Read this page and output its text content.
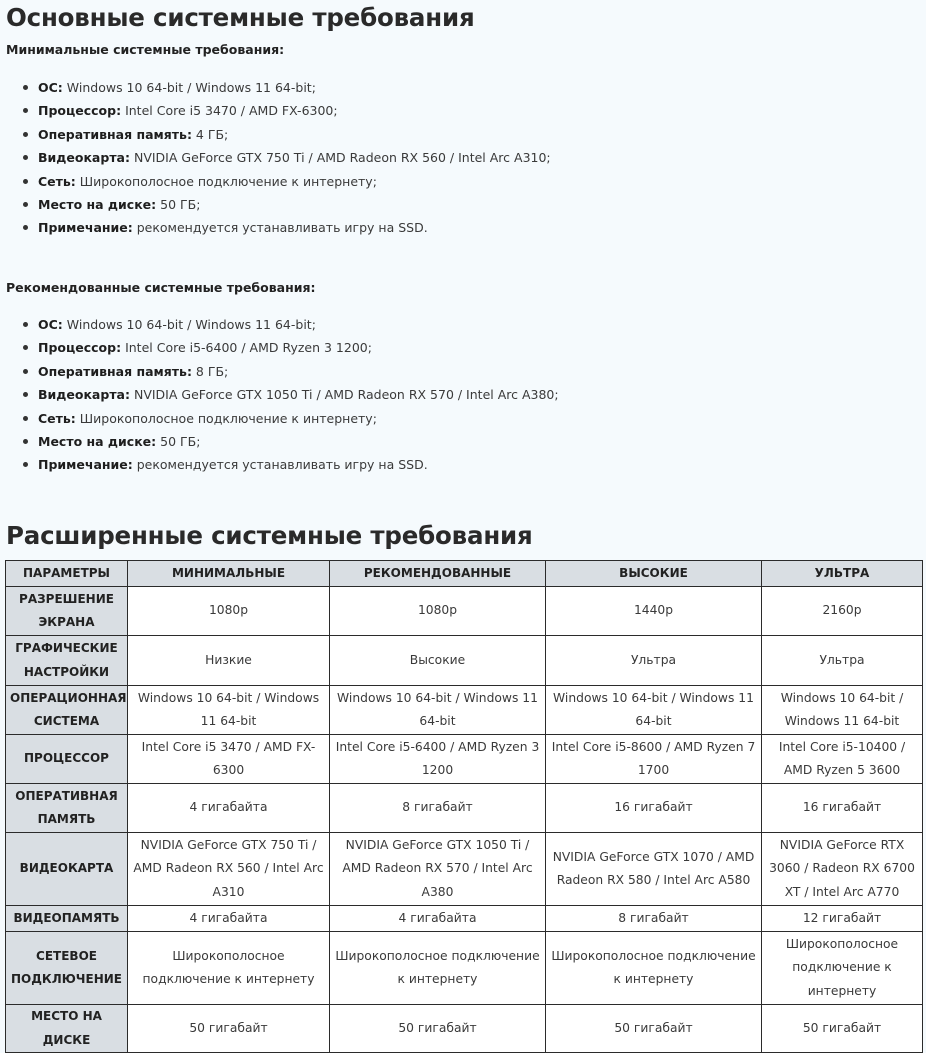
Основные системные требования

Минимальные системные требования:

ОС: Windows 10 64-bit / Windows 11 64-bit;
Процессор: Intel Core i5 3470 / AMD FX-6300;
Оперативная память: 4 ГБ;
Видеокарта: NVIDIA GeForce GTX 750 Ti / AMD Radeon RX 560 / Intel Arc A310;
Сеть: Широкополосное подключение к интернету;
Место на диске: 50 ГБ;
Примечание: рекомендуется устанавливать игру на SSD.

Рекомендованные системные требования:

ОС: Windows 10 64-bit / Windows 11 64-bit;
Процессор: Intel Core i5-6400 / AMD Ryzen 3 1200;
Оперативная память: 8 ГБ;
Видеокарта: NVIDIA GeForce GTX 1050 Ti / AMD Radeon RX 570 / Intel Arc A380;
Сеть: Широкополосное подключение к интернету;
Место на диске: 50 ГБ;
Примечание: рекомендуется устанавливать игру на SSD.
Расширенные системные требования
ПАРАМЕТРЫ	МИНИМАЛЬНЫЕ	РЕКОМЕНДОВАННЫЕ	ВЫСОКИЕ	УЛЬТРА
РАЗРЕШЕНИЕ ЭКРАНА	1080p	1080p	1440p	2160p
ГРАФИЧЕСКИЕ НАСТРОЙКИ	Низкие	Высокие	Ультра	Ультра
ОПЕРАЦИОННАЯ СИСТЕМА	Windows 10 64-bit / Windows 11 64-bit	Windows 10 64-bit / Windows 11 64-bit	Windows 10 64-bit / Windows 11 64-bit	Windows 10 64-bit / Windows 11 64-bit
ПРОЦЕССОР	Intel Core i5 3470 / AMD FX-6300	Intel Core i5-6400 / AMD Ryzen 3 1200	Intel Core i5-8600 / AMD Ryzen 7 1700	Intel Core i5-10400 / AMD Ryzen 5 3600
ОПЕРАТИВНАЯ ПАМЯТЬ	4 гигабайта	8 гигабайт	16 гигабайт	16 гигабайт
ВИДЕОКАРТА	NVIDIA GeForce GTX 750 Ti / AMD Radeon RX 560 / Intel Arc A310	NVIDIA GeForce GTX 1050 Ti / AMD Radeon RX 570 / Intel Arc A380	NVIDIA GeForce GTX 1070 / AMD Radeon RX 580 / Intel Arc A580	NVIDIA GeForce RTX 3060 / Radeon RX 6700 XT / Intel Arc A770
ВИДЕОПАМЯТЬ	4 гигабайта	4 гигабайта	8 гигабайт	12 гигабайт
СЕТЕВОЕ ПОДКЛЮЧЕНИЕ	Широкополосное подключение к интернету	Широкополосное подключение к интернету	Широкополосное подключение к интернету	Широкополосное подключение к интернету
МЕСТО НА ДИСКЕ	50 гигабайт	50 гигабайт	50 гигабайт	50 гигабайт
